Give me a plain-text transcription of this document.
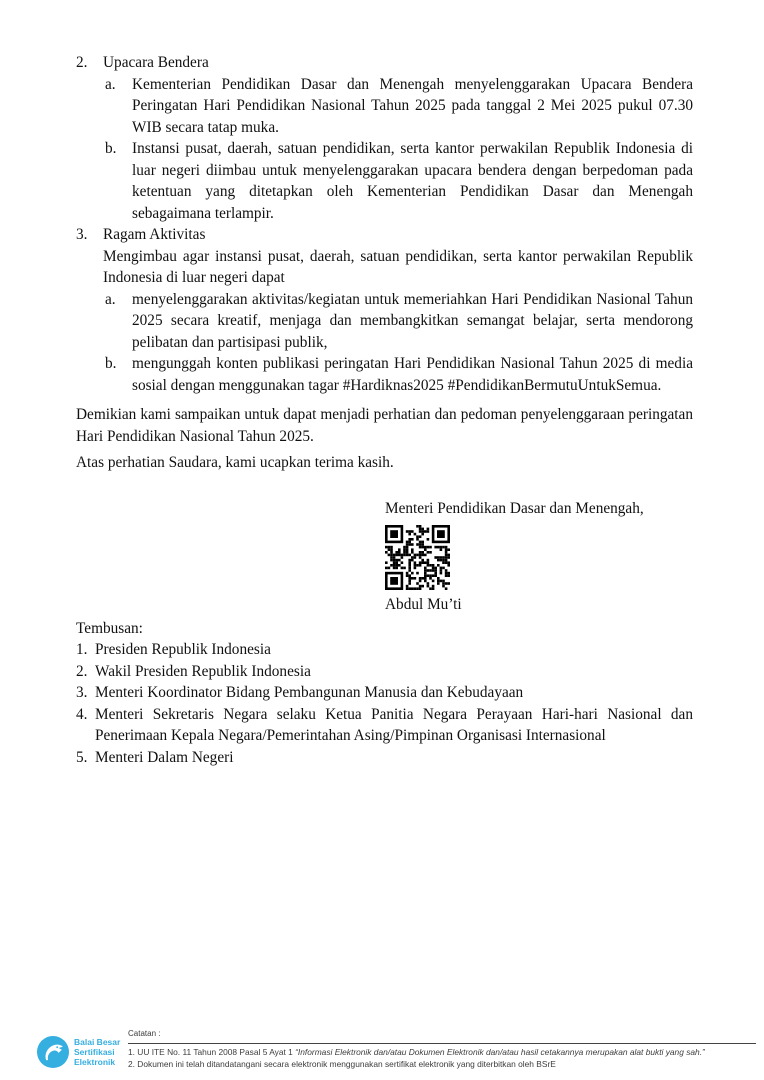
2.	Upacara Bendera
a.	Kementerian Pendidikan Dasar dan Menengah menyelenggarakan Upacara Bendera Peringatan Hari Pendidikan Nasional Tahun 2025 pada tanggal 2 Mei 2025 pukul 07.30 WIB secara tatap muka.
b.	Instansi pusat, daerah, satuan pendidikan, serta kantor perwakilan Republik Indonesia di luar negeri diimbau untuk menyelenggarakan upacara bendera dengan berpedoman pada ketentuan yang ditetapkan oleh Kementerian Pendidikan Dasar dan Menengah sebagaimana terlampir.
3.	Ragam Aktivitas
Mengimbau agar instansi pusat, daerah, satuan pendidikan, serta kantor perwakilan Republik Indonesia di luar negeri dapat
a.	menyelenggarakan aktivitas/kegiatan untuk memeriahkan Hari Pendidikan Nasional Tahun 2025 secara kreatif, menjaga dan membangkitkan semangat belajar, serta mendorong pelibatan dan partisipasi publik,
b.	mengunggah konten publikasi peringatan Hari Pendidikan Nasional Tahun 2025 di media sosial dengan menggunakan tagar #Hardiknas2025 #PendidikanBermutuUntukSemua.

Demikian kami sampaikan untuk dapat menjadi perhatian dan pedoman penyelenggaraan peringatan Hari Pendidikan Nasional Tahun 2025.

Atas perhatian Saudara, kami ucapkan terima kasih.

Menteri Pendidikan Dasar dan Menengah,
Abdul Mu’ti
Tembusan:
1. Presiden Republik Indonesia
2. Wakil Presiden Republik Indonesia
3. Menteri Koordinator Bidang Pembangunan Manusia dan Kebudayaan
4. Menteri Sekretaris Negara selaku Ketua Panitia Negara Perayaan Hari-hari Nasional dan Penerimaan Kepala Negara/Pemerintahan Asing/Pimpinan Organisasi Internasional
5. Menteri Dalam Negeri
Balai Besar
Sertifikasi
Elektronik
Catatan :
1. UU ITE No. 11 Tahun 2008 Pasal 5 Ayat 1 “Informasi Elektronik dan/atau Dokumen Elektronik dan/atau hasil cetakannya merupakan alat bukti yang sah.”
2. Dokumen ini telah ditandatangani secara elektronik menggunakan sertifikat elektronik yang diterbitkan oleh BSrE
